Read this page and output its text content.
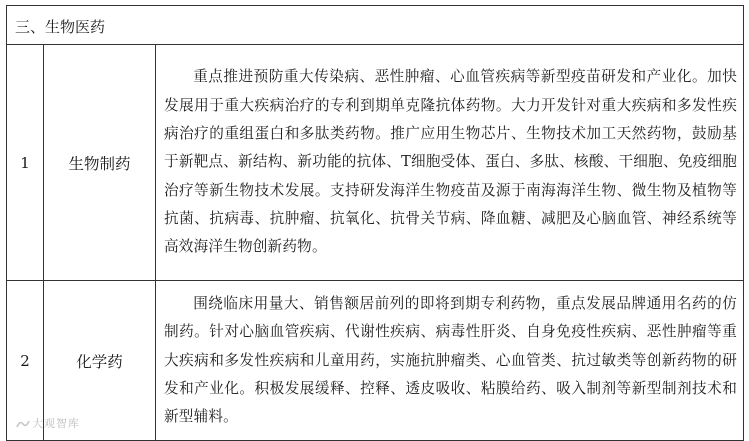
三、生物医药		
1	生物制药	重点推进预防重大传染病、恶性肿瘤、心血管疾病等新型疫苗研发和产业化。加快发展用于重大疾病治疗的专利到期单克隆抗体药物。大力开发针对重大疾病和多发性疾病治疗的重组蛋白和多肽类药物。推广应用生物芯片、生物技术加工天然药物，鼓励基于新靶点、新结构、新功能的抗体、T细胞受体、蛋白、多肽、核酸、干细胞、免疫细胞治疗等新生物技术发展。支持研发海洋生物疫苗及源于南海海洋生物、微生物及植物等抗菌、抗病毒、抗肿瘤、抗氧化、抗骨关节病、降血糖、减肥及心脑血管、神经系统等高效海洋生物创新药物。
2	化学药	围绕临床用量大、销售额居前列的即将到期专利药物，重点发展品牌通用名药的仿制药。针对心脑血管疾病、代谢性疾病、病毒性肝炎、自身免疫性疾病、恶性肿瘤等重大疾病和多发性疾病和儿童用药，实施抗肿瘤类、心血管类、抗过敏类等创新药物的研发和产业化。积极发展缓释、控释、透皮吸收、粘膜给药、吸入制剂等新型制剂技术和新型辅料。
大观智库
